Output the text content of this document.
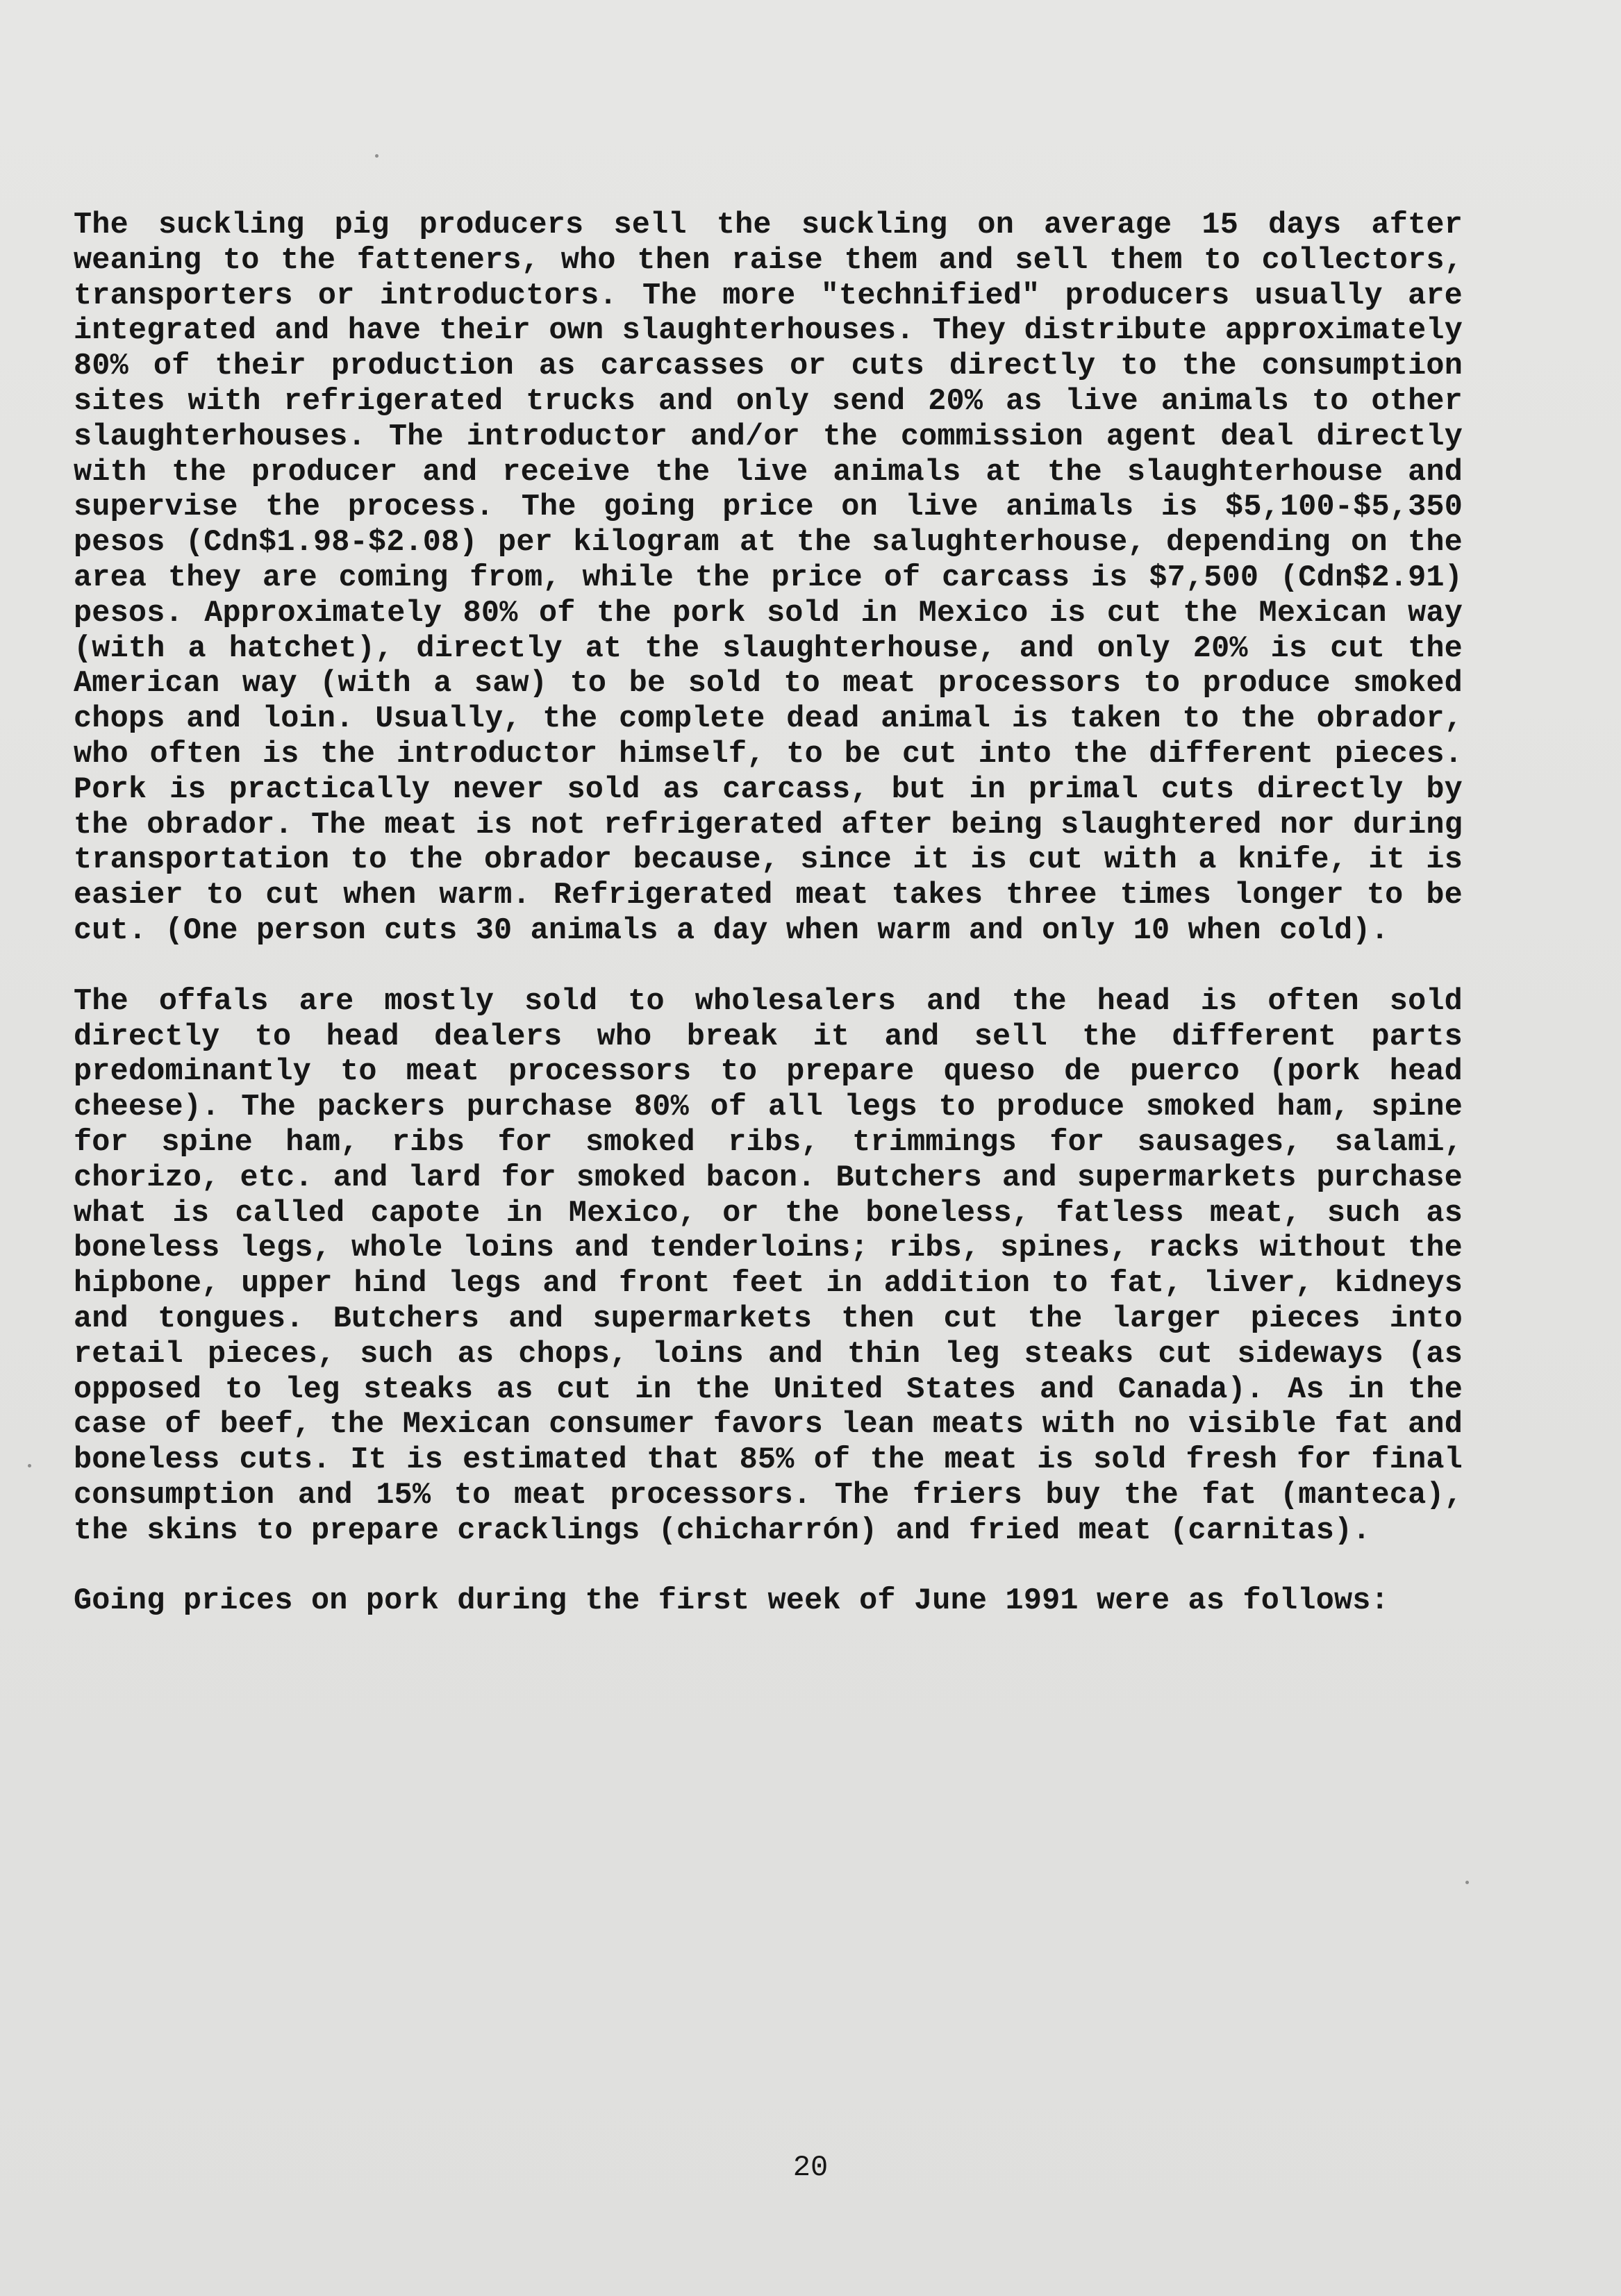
The suckling pig producers sell the suckling on average 15 days after weaning to the fatteners, who then raise them and sell them to collectors, transporters or introductors. The more "technified" producers usually are integrated and have their own slaughterhouses. They distribute approximately 80% of their production as carcasses or cuts directly to the consumption sites with refrigerated trucks and only send 20% as live animals to other slaughterhouses. The introductor and/or the commission agent deal directly with the producer and receive the live animals at the slaughterhouse and supervise the process. The going price on live animals is $5,100-$5,350 pesos (Cdn$1.98-$2.08) per kilogram at the salughterhouse, depending on the area they are coming from, while the price of carcass is $7,500 (Cdn$2.91) pesos. Approximately 80% of the pork sold in Mexico is cut the Mexican way (with a hatchet), directly at the slaughterhouse, and only 20% is cut the American way (with a saw) to be sold to meat processors to produce smoked chops and loin. Usually, the complete dead animal is taken to the obrador, who often is the introductor himself, to be cut into the different pieces. Pork is practically never sold as carcass, but in primal cuts directly by the obrador. The meat is not refrigerated after being slaughtered nor during transportation to the obrador because, since it is cut with a knife, it is easier to cut when warm. Refrigerated meat takes three times longer to be cut. (One person cuts 30 animals a day when warm and only 10 when cold).

The offals are mostly sold to wholesalers and the head is often sold directly to head dealers who break it and sell the different parts predominantly to meat processors to prepare queso de puerco (pork head cheese). The packers purchase 80% of all legs to produce smoked ham, spine for spine ham, ribs for smoked ribs, trimmings for sausages, salami, chorizo, etc. and lard for smoked bacon. Butchers and supermarkets purchase what is called capote in Mexico, or the boneless, fatless meat, such as boneless legs, whole loins and tenderloins; ribs, spines, racks without the hipbone, upper hind legs and front feet in addition to fat, liver, kidneys and tongues. Butchers and supermarkets then cut the larger pieces into retail pieces, such as chops, loins and thin leg steaks cut sideways (as opposed to leg steaks as cut in the United States and Canada). As in the case of beef, the Mexican consumer favors lean meats with no visible fat and boneless cuts. It is estimated that 85% of the meat is sold fresh for final consumption and 15% to meat processors. The friers buy the fat (manteca), the skins to prepare cracklings (chicharrón) and fried meat (carnitas).

Going prices on pork during the first week of June 1991 were as follows:

20
